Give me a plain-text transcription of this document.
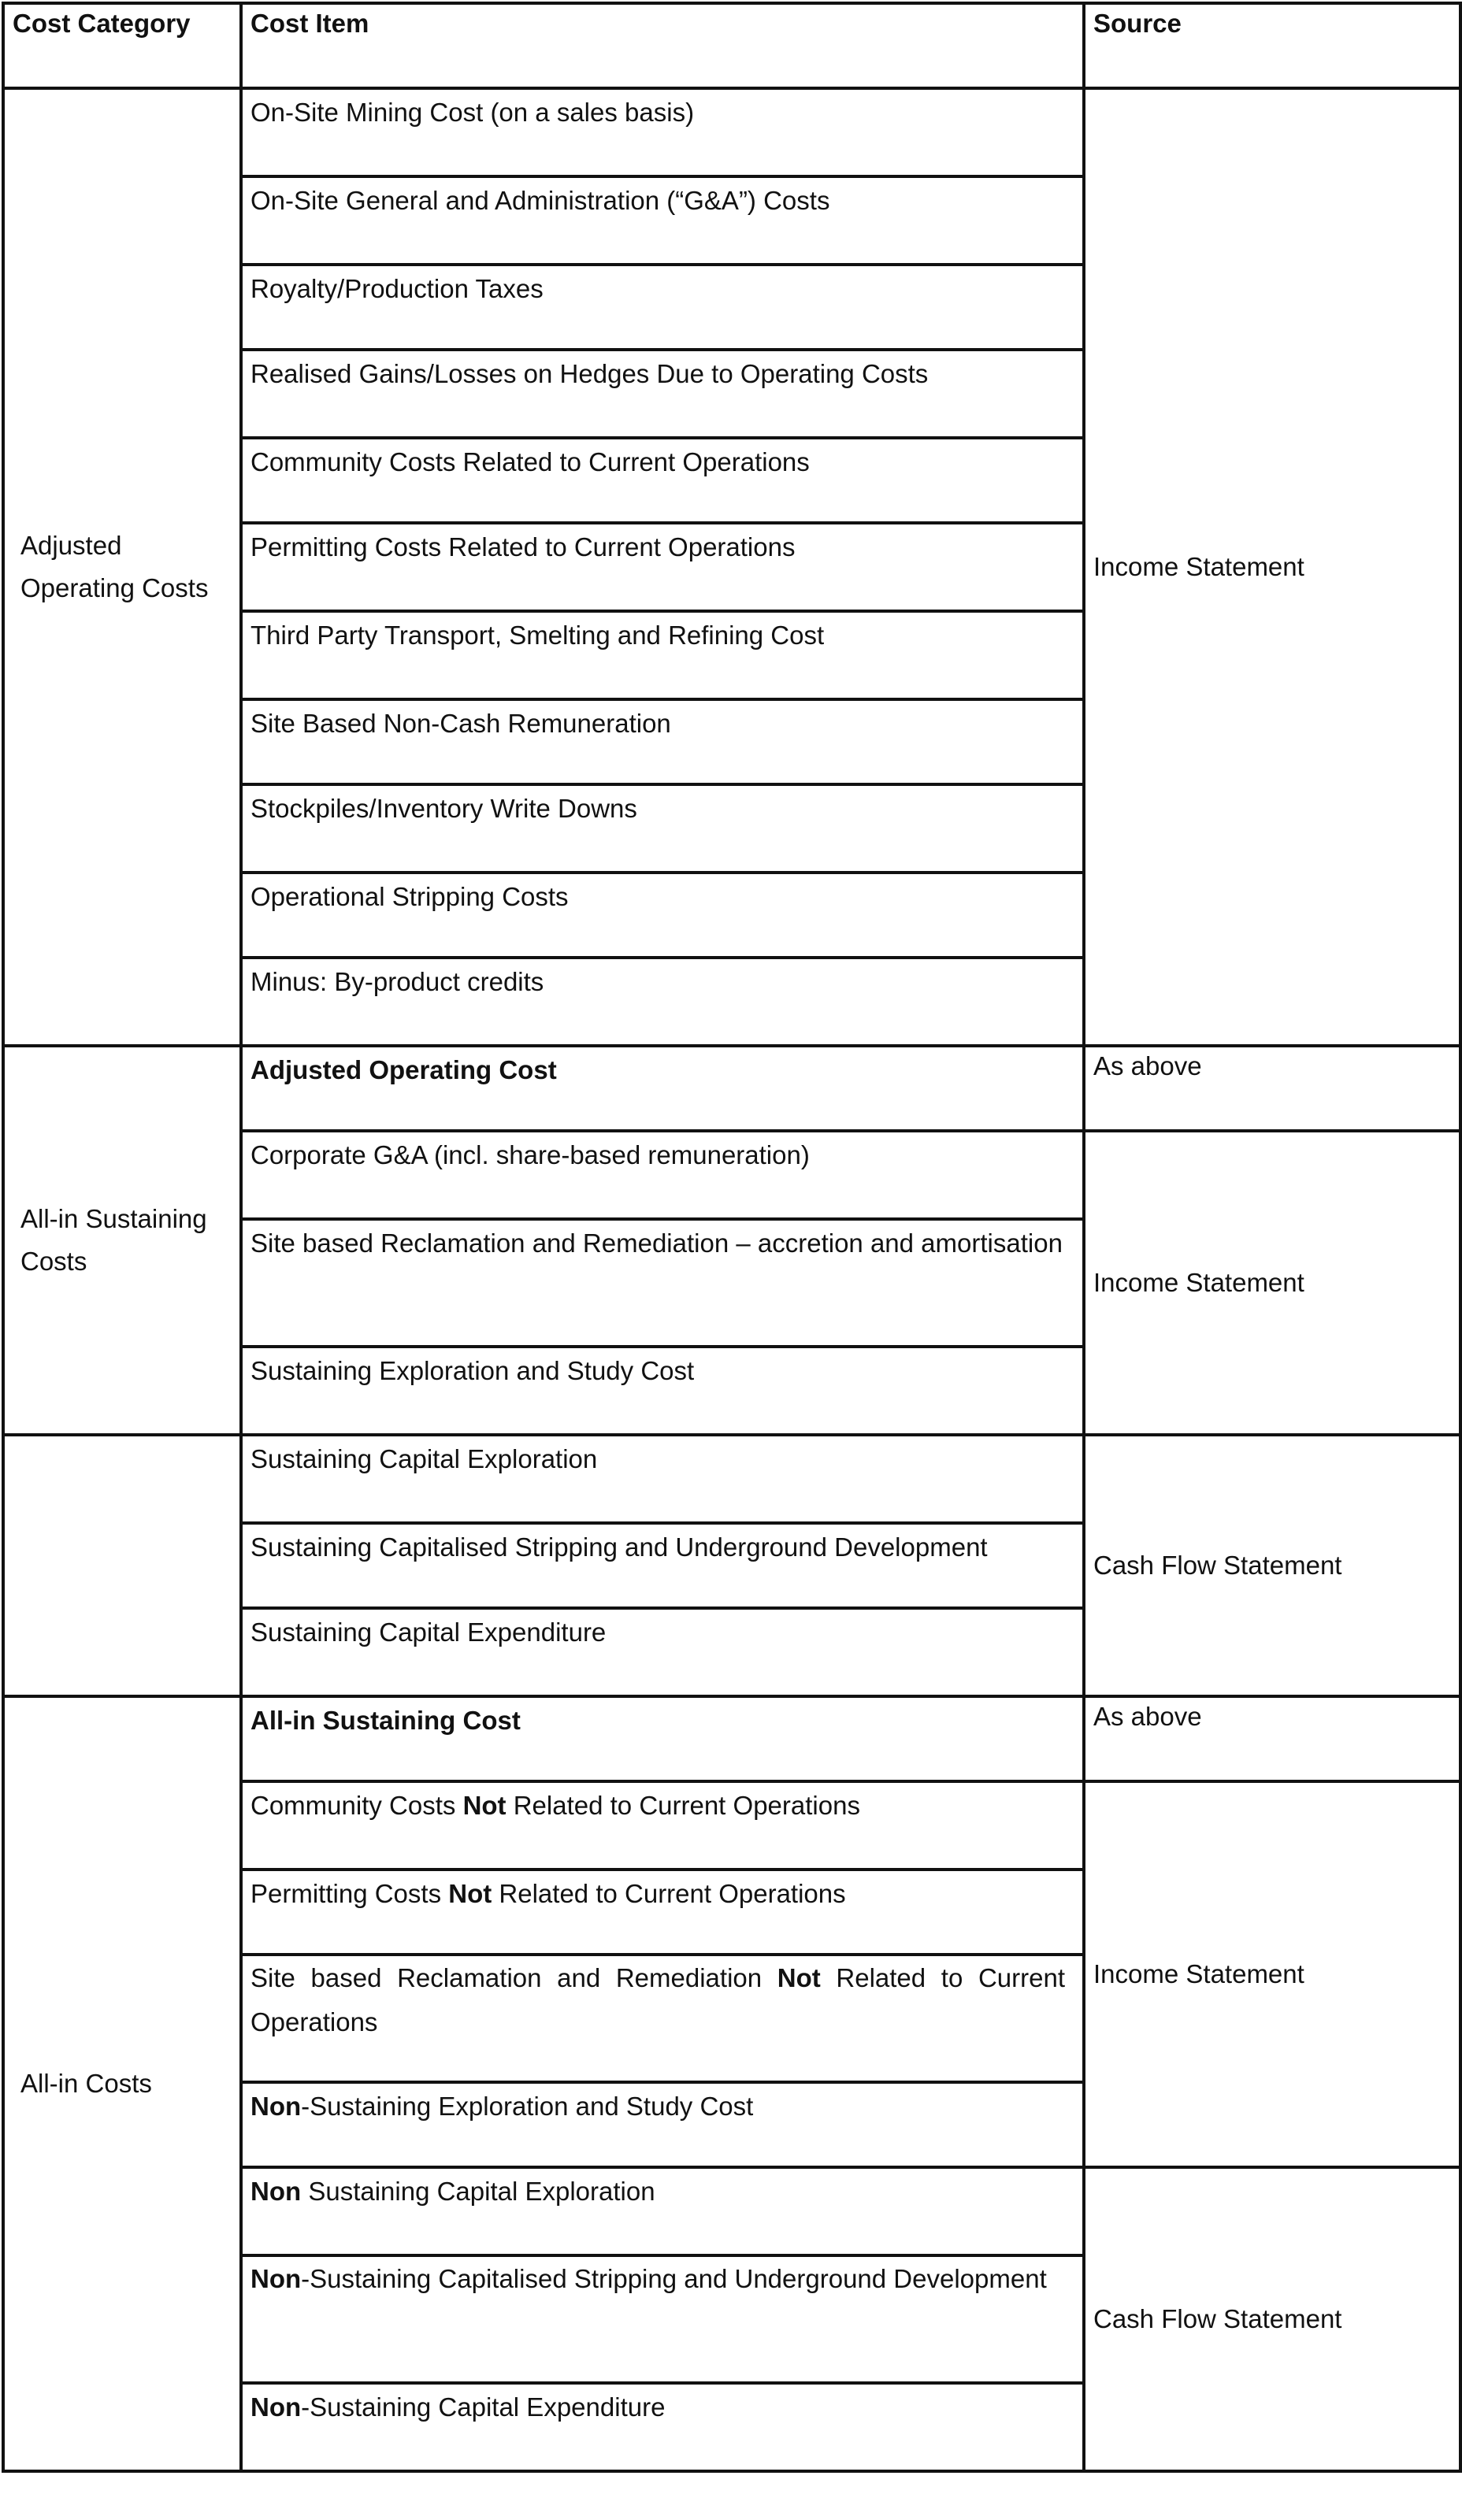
Cost Category	Cost Item	Source

Adjusted Operating Costs	On-Site Mining Cost (on a sales basis)	Income Statement

	On-Site General and Administration (“G&A”) Costs	

	Royalty/Production Taxes	

	Realised Gains/Losses on Hedges Due to Operating Costs	

	Community Costs Related to Current Operations	

	Permitting Costs Related to Current Operations	

	Third Party Transport, Smelting and Refining Cost	

	Site Based Non-Cash Remuneration	

	Stockpiles/Inventory Write Downs	

	Operational Stripping Costs	

	Minus: By-product credits	

All-in Sustaining Costs	Adjusted Operating Cost	As above

	Corporate G&A (incl. share-based remuneration)	Income Statement

	Site based Reclamation and Remediation – accretion and amortisation	

	Sustaining Exploration and Study Cost	

	Sustaining Capital Exploration	Cash Flow Statement

	Sustaining Capitalised Stripping and Underground Development	

	Sustaining Capital Expenditure	

All-in Costs	All-in Sustaining Cost	As above

	Community Costs Not Related to Current Operations	Income Statement

	Permitting Costs Not Related to Current Operations	

	Site based Reclamation and Remediation Not Related to Current Operations	

	Non-Sustaining Exploration and Study Cost	

	Non Sustaining Capital Exploration	Cash Flow Statement

	Non-Sustaining Capitalised Stripping and Underground Development	

	Non-Sustaining Capital Expenditure	
